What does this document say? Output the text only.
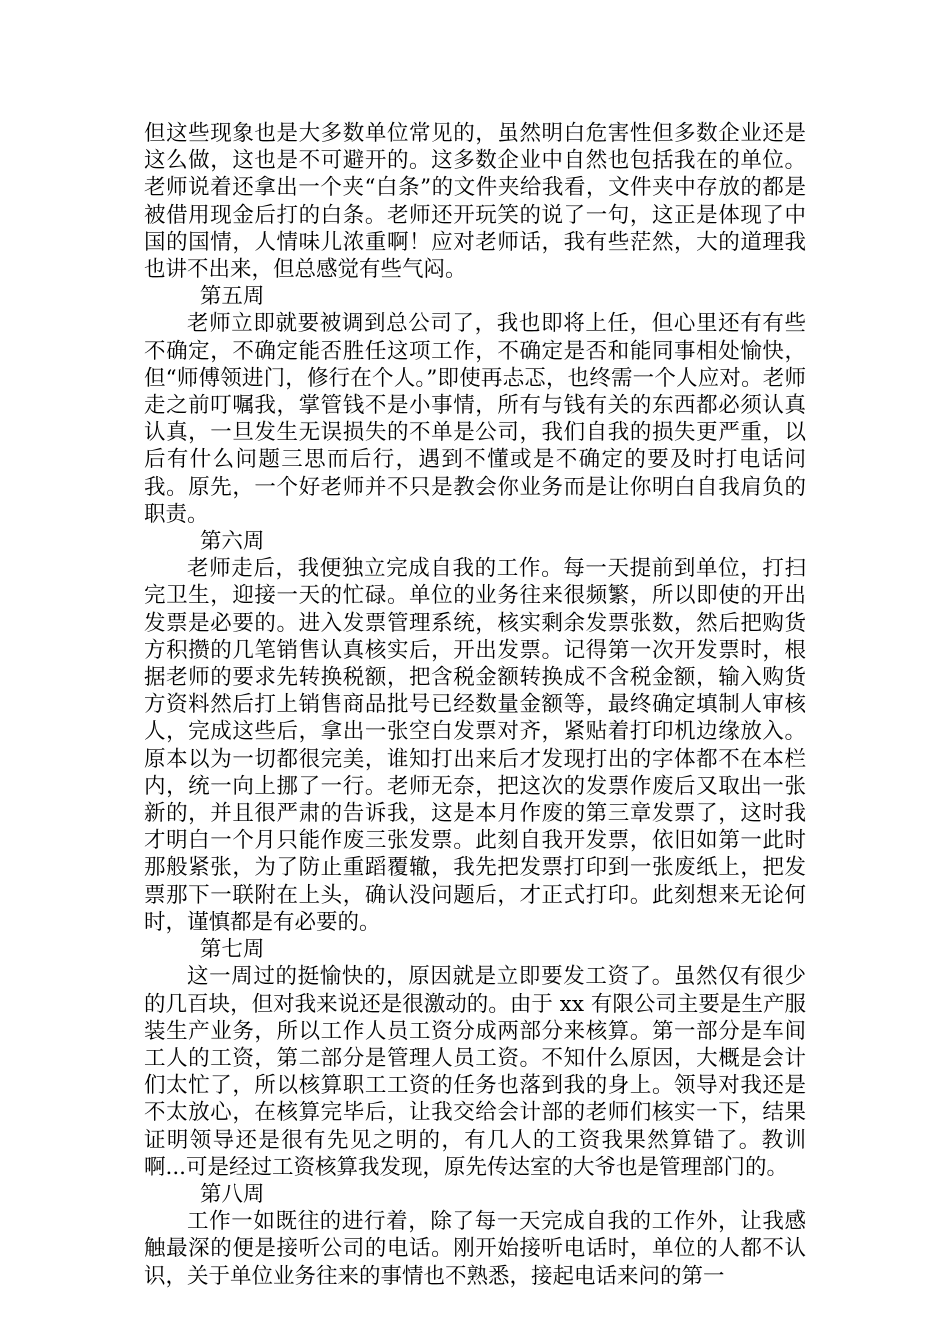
但这些现象也是大多数单位常见的，虽然明白危害性但多数企业还是这么做，这也是不可避开的。这多数企业中自然也包括我在的单位。老师说着还拿出一个夹“白条”的文件夹给我看，文件夹中存放的都是被借用现金后打的白条。老师还开玩笑的说了一句，这正是体现了中国的国情，人情味儿浓重啊！应对老师话，我有些茫然，大的道理我也讲不出来，但总感觉有些气闷。

第五周

老师立即就要被调到总公司了，我也即将上任，但心里还有有些不确定，不确定能否胜任这项工作，不确定是否和能同事相处愉快，但“师傅领进门，修行在个人。”即使再忐忑，也终需一个人应对。老师走之前叮嘱我，掌管钱不是小事情，所有与钱有关的东西都必须认真认真，一旦发生无误损失的不单是公司，我们自我的损失更严重，以后有什么问题三思而后行，遇到不懂或是不确定的要及时打电话问我。原先，一个好老师并不只是教会你业务而是让你明白自我肩负的职责。

第六周

老师走后，我便独立完成自我的工作。每一天提前到单位，打扫完卫生，迎接一天的忙碌。单位的业务往来很频繁，所以即使的开出发票是必要的。进入发票管理系统，核实剩余发票张数，然后把购货方积攒的几笔销售认真核实后，开出发票。记得第一次开发票时，根据老师的要求先转换税额，把含税金额转换成不含税金额，输入购货方资料然后打上销售商品批号已经数量金额等，最终确定填制人审核人，完成这些后，拿出一张空白发票对齐，紧贴着打印机边缘放入。原本以为一切都很完美，谁知打出来后才发现打出的字体都不在本栏内，统一向上挪了一行。老师无奈，把这次的发票作废后又取出一张新的，并且很严肃的告诉我，这是本月作废的第三章发票了，这时我才明白一个月只能作废三张发票。此刻自我开发票，依旧如第一此时那般紧张，为了防止重蹈覆辙，我先把发票打印到一张废纸上，把发票那下一联附在上头，确认没问题后，才正式打印。此刻想来无论何时，谨慎都是有必要的。

第七周

这一周过的挺愉快的，原因就是立即要发工资了。虽然仅有很少的几百块，但对我来说还是很激动的。由于 xx 有限公司主要是生产服装生产业务，所以工作人员工资分成两部分来核算。第一部分是车间工人的工资，第二部分是管理人员工资。不知什么原因，大概是会计们太忙了，所以核算职工工资的任务也落到我的身上。领导对我还是不太放心，在核算完毕后，让我交给会计部的老师们核实一下，结果证明领导还是很有先见之明的，有几人的工资我果然算错了。教训啊...可是经过工资核算我发现，原先传达室的大爷也是管理部门的。

第八周

工作一如既往的进行着，除了每一天完成自我的工作外，让我感触最深的便是接听公司的电话。刚开始接听电话时，单位的人都不认识，关于单位业务往来的事情也不熟悉，接起电话来问的第一
